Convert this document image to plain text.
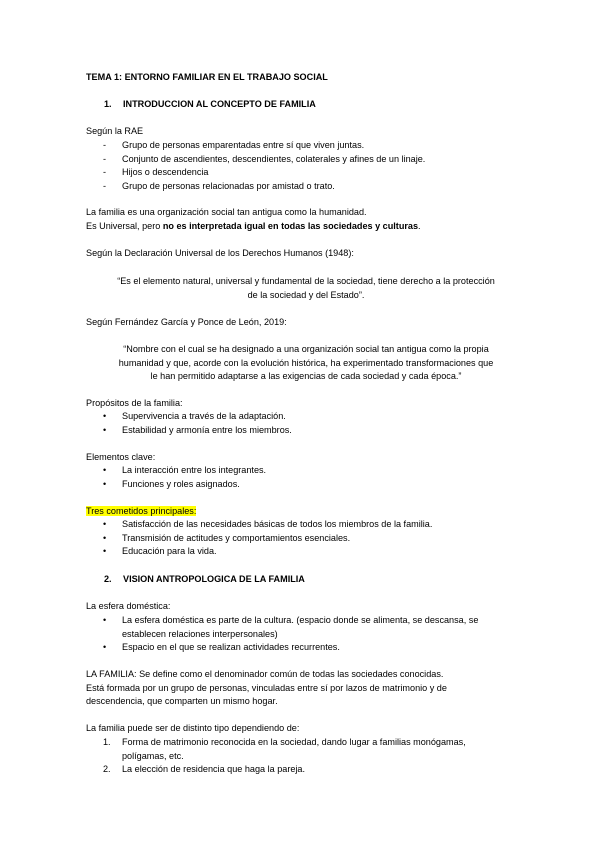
TEMA 1: ENTORNO FAMILIAR EN EL TRABAJO SOCIAL
1. INTRODUCCION AL CONCEPTO DE FAMILIA
Según la RAE
- Grupo de personas emparentadas entre sí que viven juntas.
- Conjunto de ascendientes, descendientes, colaterales y afines de un linaje.
- Hijos o descendencia
- Grupo de personas relacionadas por amistad o trato.
La familia es una organización social tan antigua como la humanidad.
Es Universal, pero no es interpretada igual en todas las sociedades y culturas.
Según la Declaración Universal de los Derechos Humanos (1948):
“Es el elemento natural, universal y fundamental de la sociedad, tiene derecho a la protección
de la sociedad y del Estado”.
Según Fernández García y Ponce de León, 2019:
“Nombre con el cual se ha designado a una organización social tan antigua como la propia
humanidad y que, acorde con la evolución histórica, ha experimentado transformaciones que
le han permitido adaptarse a las exigencias de cada sociedad y cada época.”
Propósitos de la familia:
• Supervivencia a través de la adaptación.
• Estabilidad y armonía entre los miembros.
Elementos clave:
• La interacción entre los integrantes.
• Funciones y roles asignados.
Tres cometidos principales:
• Satisfacción de las necesidades básicas de todos los miembros de la familia.
• Transmisión de actitudes y comportamientos esenciales.
• Educación para la vida.
2. VISION ANTROPOLOGICA DE LA FAMILIA
La esfera doméstica:
• La esfera doméstica es parte de la cultura. (espacio donde se alimenta, se descansa, se
establecen relaciones interpersonales)
• Espacio en el que se realizan actividades recurrentes.
LA FAMILIA: Se define como el denominador común de todas las sociedades conocidas.
Está formada por un grupo de personas, vinculadas entre sí por lazos de matrimonio y de
descendencia, que comparten un mismo hogar.
La familia puede ser de distinto tipo dependiendo de:
1. Forma de matrimonio reconocida en la sociedad, dando lugar a familias monógamas,
polígamas, etc.
2. La elección de residencia que haga la pareja.
